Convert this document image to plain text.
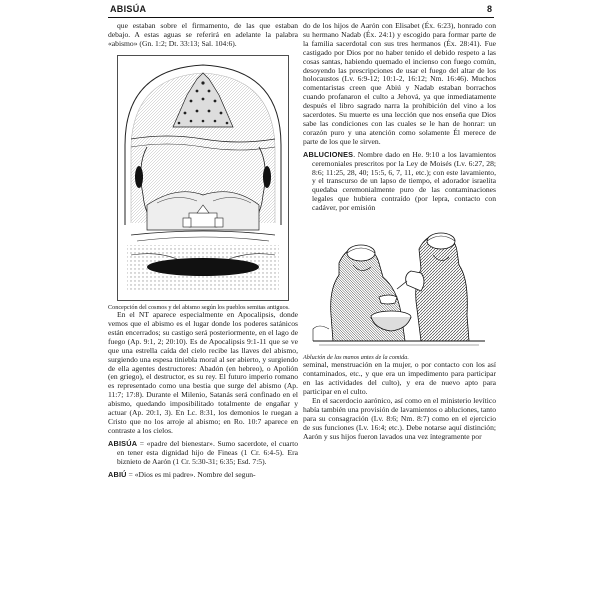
ABISÚA	8

que estaban sobre el firmamento, de las que estaban debajo. A estas aguas se referirá en adelante la palabra «abismo» (Gn. 1:2; Dt. 33:13; Sal. 104:6).

Concepción del cosmos y del abismo según los pueblos semitas antiguos.

En el NT aparece especialmente en Apocalipsis, donde vemos que el abismo es el lugar donde los poderes satánicos están encerrados; su castigo será posteriormente, en el lago de fuego (Ap. 9:1, 2; 20:10). Es de Apocalipsis 9:1-11 que se ve que una estrella caída del cielo recibe las llaves del abismo, surgiendo una espesa tiniebla moral al ser abierto, y surgiendo de ella agentes destructores: Abadón (en hebreo), o Apolión (en griego), el destructor, es su rey. El futuro imperio romano es representado como una bestia que surge del abismo (Ap. 11:7; 17:8). Durante el Milenio, Satanás será confinado en el abismo, quedando imposibilitado totalmente de engañar y actuar (Ap. 20:1, 3). En Lc. 8:31, los demonios le ruegan a Cristo que no los arroje al abismo; en Ro. 10:7 aparece en contraste a los cielos.

ABISÚA = «padre del bienestar». Sumo sacerdote, el cuarto en tener esta dignidad hijo de Fineas (1 Cr. 6:4-5). Era biznieto de Aarón (1 Cr. 5:30-31; 6:35; Esd. 7:5).

ABIÚ = «Dios es mi padre». Nombre del segun-

do de los hijos de Aarón con Elisabet (Éx. 6:23), honrado con su hermano Nadab (Éx. 24:1) y escogido para formar parte de la familia sacerdotal con sus tres hermanos (Éx. 28:41). Fue castigado por Dios por no haber tenido el debido respeto a las cosas santas, habiendo quemado el incienso con fuego común, desoyendo las prescripciones de usar el fuego del altar de los holocaustos (Lv. 6:9-12; 10:1-2, 16:12; Nm. 16:46). Muchos comentaristas creen que Abiú y Nadab estaban borrachos cuando profanaron el culto a Jehová, ya que inmediatamente después el libro sagrado narra la prohibición del vino a los sacerdotes. Su muerte es una lección que nos enseña que Dios sabe las condiciones con las cuales se le han de honrar: un corazón puro y una atención como solamente Él merece de parte de los que le sirven.

ABLUCIONES. Nombre dado en He. 9:10 a los lavamientos ceremoniales prescritos por la Ley de Moisés (Lv. 6:27, 28; 8:6; 11:25, 28, 40; 15:5, 6, 7, 11, etc.); con este lavamiento, y el transcurso de un lapso de tiempo, el adorador israelita quedaba ceremonialmente puro de las contaminaciones legales que hubiera contraído (por lepra, contacto con cadáver, por emisión

Ablución de las manos antes de la comida.

seminal, menstruación en la mujer, o por contacto con los así contaminados, etc., y que era un impedimento para participar en las actividades del culto), y era de nuevo apto para participar en el culto.

En el sacerdocio aarónico, así como en el ministerio levítico había también una provisión de lavamientos o abluciones, tanto para su consagración (Lv. 8:6; Nm. 8:7) como en el ejercicio de sus funciones (Lv. 16:4; etc.). Debe notarse aquí distinción; Aarón y sus hijos fueron lavados una vez íntegramente por
